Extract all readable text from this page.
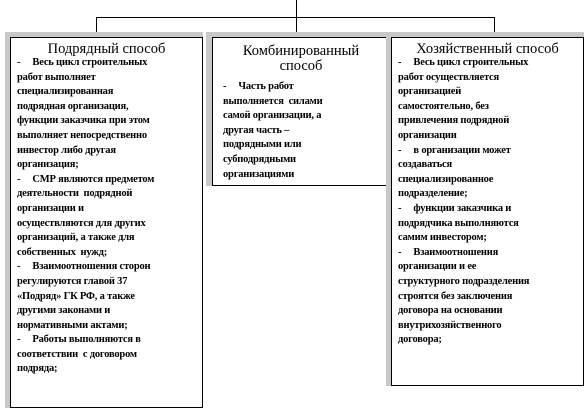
Подрядный способ

-     Весь цикл строительных

работ выполняет

специализированная

подрядная организация,

функции заказчика при этом

выполняет непосредственно

инвестор либо другая

организация;

-     СМР являются предметом

деятельности  подрядной

организации и

осуществляются для других

организаций, а также для

собственных  нужд;

-     Взаимоотношения сторон

регулируются главой 37

«Подряд» ГК РФ, а также

другими законами и

нормативными актами;

-     Работы выполняются в

соответствии  с договором

подряда;

Комбинированный
способ

-     Часть работ

выполняется  силами

самой организации, а

другая часть –

подрядными или

субподрядными

организациями

Хозяйственный способ

-     Весь цикл строительных

работ осуществляется

организацией

самостоятельно, без

привлечения подрядной

организации

-     в организации может

создаваться

специализированное

подразделение;

-     функции заказчика и

подрядчика выполняются

самим инвестором;

-     Взаимоотношения

организации и ее

структурного подразделения

строятся без заключения

договора на основании

внутрихозяйственного

договора;
